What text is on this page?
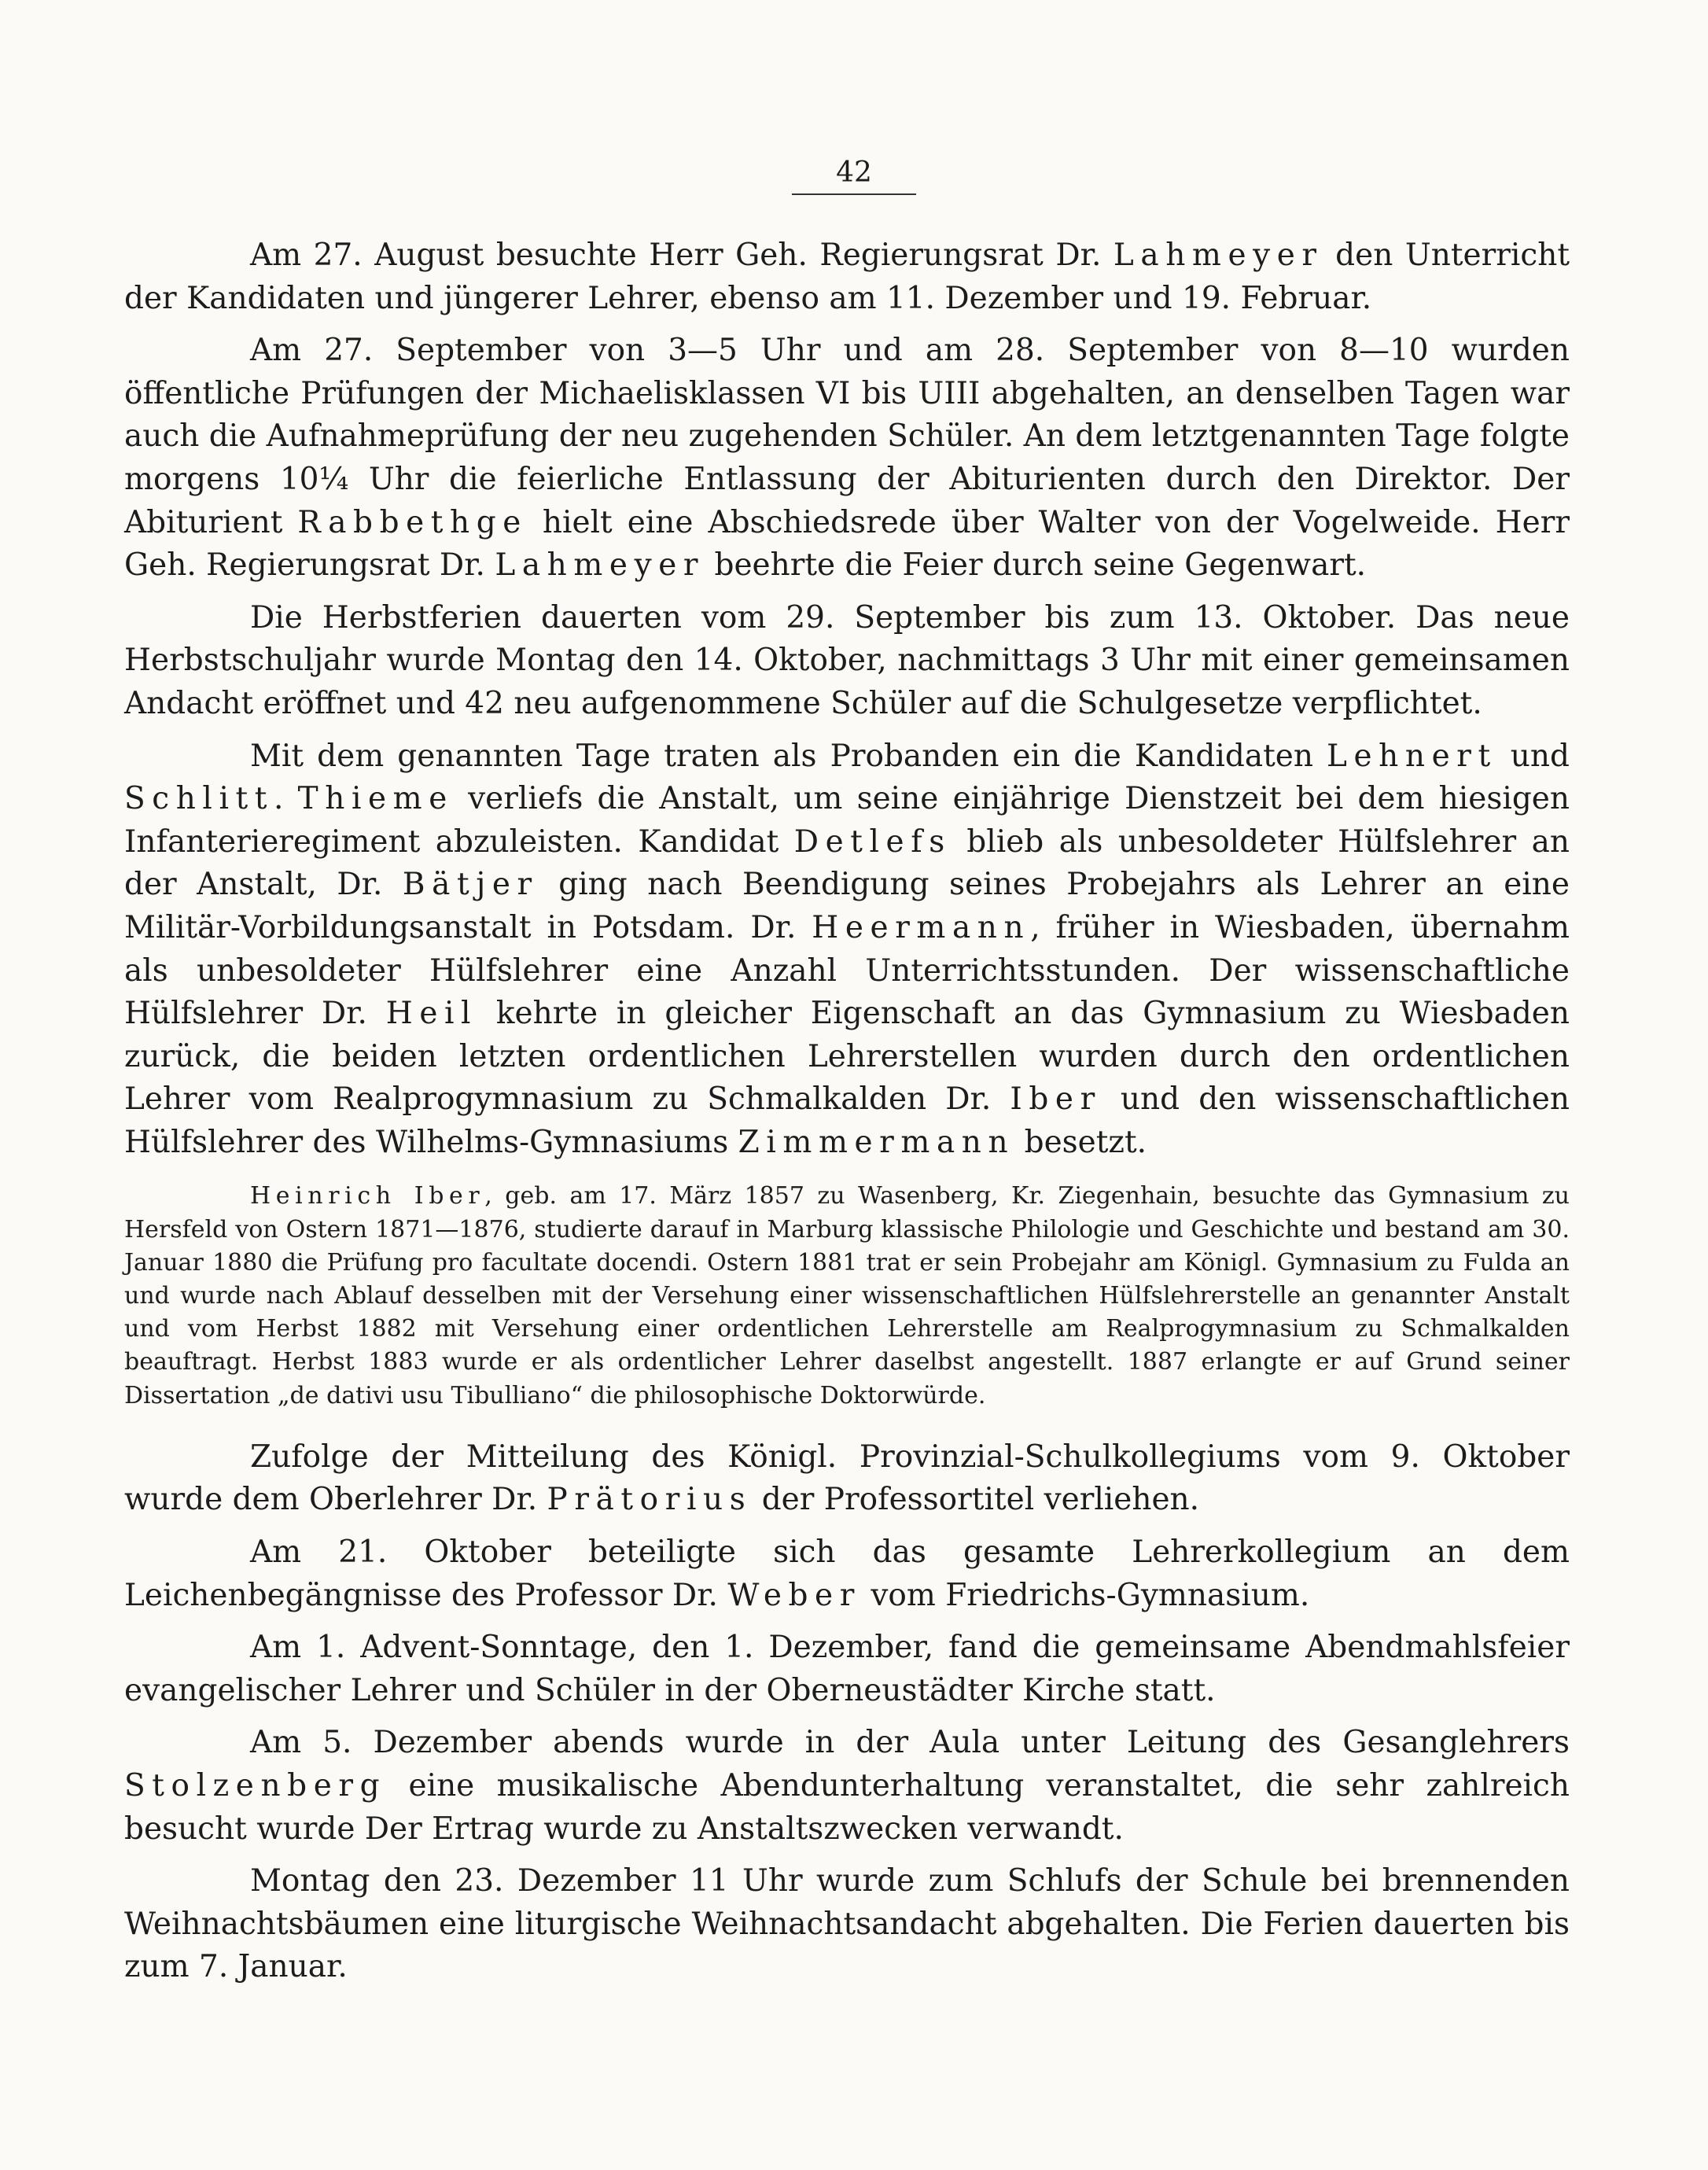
42

Am 27. August besuchte Herr Geh. Regierungsrat Dr. Lahmeyer den Unterricht der Kandidaten und jüngerer Lehrer, ebenso am 11. Dezember und 19. Februar.

Am 27. September von 3—5 Uhr und am 28. September von 8—10 wurden öffentliche Prüfungen der Michaelisklassen VI bis UIII abgehalten, an denselben Tagen war auch die Aufnahmeprüfung der neu zugehenden Schüler. An dem letztgenannten Tage folgte morgens 10¼ Uhr die feierliche Entlassung der Abiturienten durch den Direktor. Der Abiturient Rabbethge hielt eine Abschiedsrede über Walter von der Vogelweide. Herr Geh. Regierungsrat Dr. Lahmeyer beehrte die Feier durch seine Gegenwart.

Die Herbstferien dauerten vom 29. September bis zum 13. Oktober. Das neue Herbstschuljahr wurde Montag den 14. Oktober, nachmittags 3 Uhr mit einer gemeinsamen Andacht eröffnet und 42 neu aufgenommene Schüler auf die Schulgesetze verpflichtet.

Mit dem genannten Tage traten als Probanden ein die Kandidaten Lehnert und Schlitt. Thieme verliefs die Anstalt, um seine einjährige Dienstzeit bei dem hiesigen Infanterieregiment abzuleisten. Kandidat Detlefs blieb als unbesoldeter Hülfslehrer an der Anstalt, Dr. Bätjer ging nach Beendigung seines Probejahrs als Lehrer an eine Militär-Vorbildungsanstalt in Potsdam. Dr. Heermann, früher in Wiesbaden, übernahm als unbesoldeter Hülfslehrer eine Anzahl Unterrichtsstunden. Der wissenschaftliche Hülfslehrer Dr. Heil kehrte in gleicher Eigenschaft an das Gymnasium zu Wiesbaden zurück, die beiden letzten ordentlichen Lehrerstellen wurden durch den ordentlichen Lehrer vom Realprogymnasium zu Schmalkalden Dr. Iber und den wissenschaftlichen Hülfslehrer des Wilhelms-Gymnasiums Zimmermann besetzt.

Heinrich Iber, geb. am 17. März 1857 zu Wasenberg, Kr. Ziegenhain, besuchte das Gymnasium zu Hersfeld von Ostern 1871—1876, studierte darauf in Marburg klassische Philologie und Geschichte und bestand am 30. Januar 1880 die Prüfung pro facultate docendi. Ostern 1881 trat er sein Probejahr am Königl. Gymnasium zu Fulda an und wurde nach Ablauf desselben mit der Versehung einer wissenschaftlichen Hülfslehrerstelle an genannter Anstalt und vom Herbst 1882 mit Versehung einer ordentlichen Lehrerstelle am Realprogymnasium zu Schmalkalden beauftragt. Herbst 1883 wurde er als ordentlicher Lehrer daselbst angestellt. 1887 erlangte er auf Grund seiner Dissertation „de dativi usu Tibulliano“ die philosophische Doktorwürde.

Zufolge der Mitteilung des Königl. Provinzial-Schulkollegiums vom 9. Oktober wurde dem Oberlehrer Dr. Prätorius der Professortitel verliehen.

Am 21. Oktober beteiligte sich das gesamte Lehrerkollegium an dem Leichenbegängnisse des Professor Dr. Weber vom Friedrichs-Gymnasium.

Am 1. Advent-Sonntage, den 1. Dezember, fand die gemeinsame Abendmahlsfeier evangelischer Lehrer und Schüler in der Oberneustädter Kirche statt.

Am 5. Dezember abends wurde in der Aula unter Leitung des Gesanglehrers Stolzenberg eine musikalische Abendunterhaltung veranstaltet, die sehr zahlreich besucht wurde Der Ertrag wurde zu Anstaltszwecken verwandt.

Montag den 23. Dezember 11 Uhr wurde zum Schlufs der Schule bei brennenden Weihnachtsbäumen eine liturgische Weihnachtsandacht abgehalten. Die Ferien dauerten bis zum 7. Januar.
